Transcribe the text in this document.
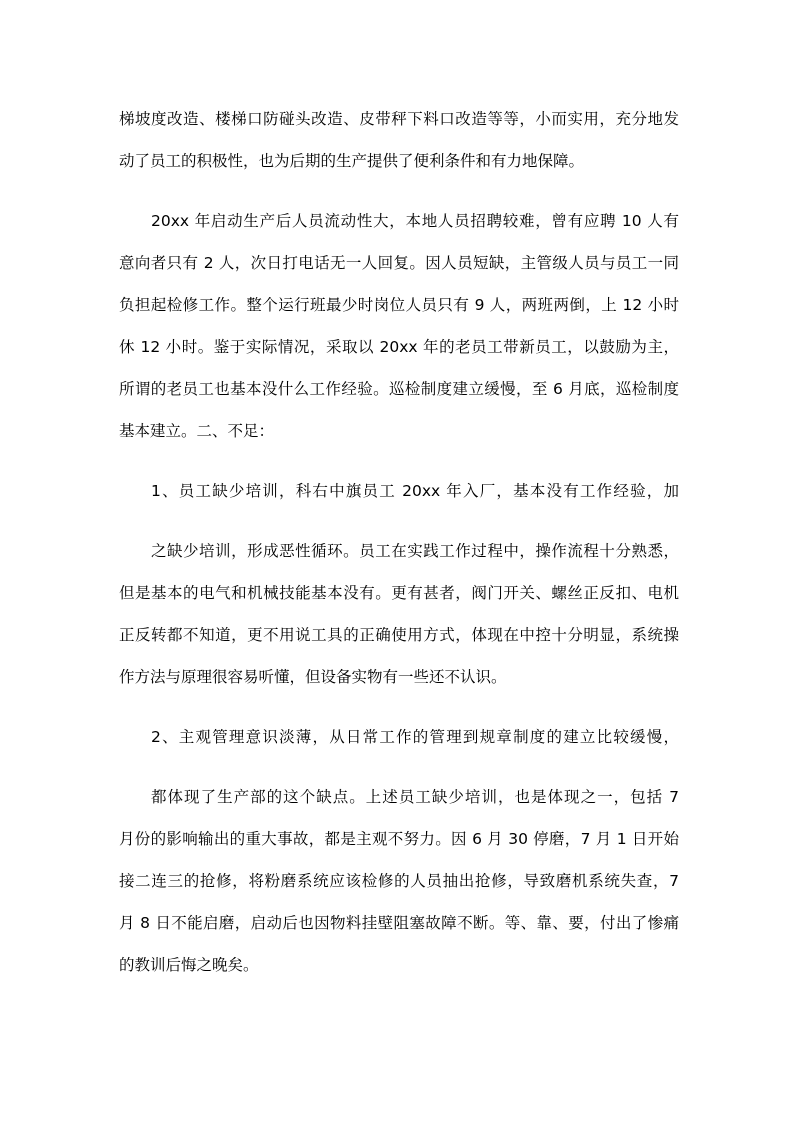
梯坡度改造、楼梯口防碰头改造、皮带秤下料口改造等等，小而实用，充分地发
动了员工的积极性，也为后期的生产提供了便利条件和有力地保障。
20xx 年启动生产后人员流动性大，本地人员招聘较难，曾有应聘 10 人有
意向者只有 2 人，次日打电话无一人回复。因人员短缺，主管级人员与员工一同
负担起检修工作。整个运行班最少时岗位人员只有 9 人，两班两倒，上 12 小时
休 12 小时。鉴于实际情况，采取以 20xx 年的老员工带新员工，以鼓励为主，
所谓的老员工也基本没什么工作经验。巡检制度建立缓慢，至 6 月底，巡检制度
基本建立。二、不足：
1、员工缺少培训，科右中旗员工 20xx 年入厂，基本没有工作经验，加
之缺少培训，形成恶性循环。员工在实践工作过程中，操作流程十分熟悉，
但是基本的电气和机械技能基本没有。更有甚者，阀门开关、螺丝正反扣、电机
正反转都不知道，更不用说工具的正确使用方式，体现在中控十分明显，系统操
作方法与原理很容易听懂，但设备实物有一些还不认识。
2、主观管理意识淡薄，从日常工作的管理到规章制度的建立比较缓慢，
都体现了生产部的这个缺点。上述员工缺少培训，也是体现之一，包括 7
月份的影响输出的重大事故，都是主观不努力。因 6 月 30 停磨，7 月 1 日开始
接二连三的抢修，将粉磨系统应该检修的人员抽出抢修，导致磨机系统失查，7
月 8 日不能启磨，启动后也因物料挂壁阻塞故障不断。等、靠、要，付出了惨痛
的教训后悔之晚矣。
